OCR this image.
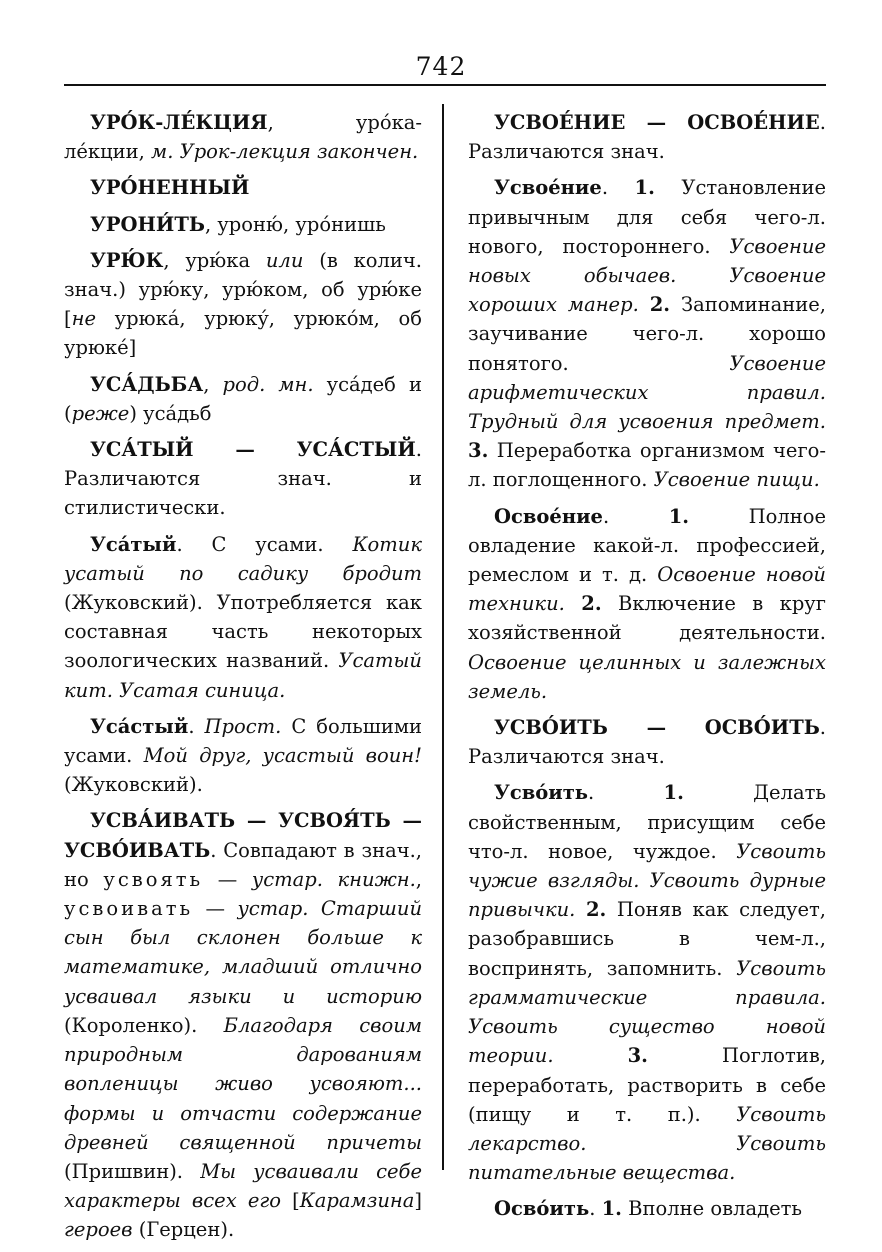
742

УРО́К-ЛЕ́КЦИЯ, уро́ка-ле́кции, м. Урок-лекция закончен.

УРО́НЕННЫЙ

УРОНИ́ТЬ, уроню́, уро́нишь

УРЮ́К, урю́ка или (в колич. знач.) урю́ку, урю́ком, об урю́ке [не урюка́, урюку́, урюко́м, об урюке́]

УСА́ДЬБА, род. мн. уса́деб и (реже) уса́дьб

УСА́ТЫЙ — УСА́СТЫЙ. Различаются знач. и стилистически.

Уса́тый. С усами. Котик усатый по садику бродит (Жуковский). Употребляется как составная часть некоторых зоологических названий. Усатый кит. Усатая синица.

Уса́стый. Прост. С большими усами. Мой друг, усастый воин! (Жуковский).

УСВА́ИВАТЬ — УСВОЯ́ТЬ — УСВО́ИВАТЬ. Совпадают в знач., но усвоять — устар. книжн., усвоивать — устар. Старший сын был склонен больше к математике, младший отлично усваивал языки и историю (Короленко). Благодаря своим природным дарованиям вопленицы живо усвояют... формы и отчасти содержание древней священной причеты (Пришвин). Мы усваивали себе характеры всех его [Карамзина] героев (Герцен).

УСВОЕ́НИЕ — ОСВОЕ́НИЕ. Различаются знач.

Усвое́ние. 1. Установление привычным для себя чего-л. нового, постороннего. Усвоение новых обычаев. Усвоение хороших манер. 2. Запоминание, заучивание чего-л. хорошо понятого. Усвоение арифметических правил. Трудный для усвоения предмет. 3. Переработка организмом чего-л. поглощенного. Усвоение пищи.

Освое́ние. 1. Полное овладение какой-л. профессией, ремеслом и т. д. Освоение новой техники. 2. Включение в круг хозяйственной деятельности. Освоение целинных и залежных земель.

УСВО́ИТЬ — ОСВО́ИТЬ. Различаются знач.

Усво́ить. 1. Делать свойственным, присущим себе что-л. новое, чуждое. Усвоить чужие взгляды. Усвоить дурные привычки. 2. Поняв как следует, разобравшись в чем-л., воспринять, запомнить. Усвоить грамматические правила. Усвоить существо новой теории.	3. Поглотив, переработать, растворить в себе (пищу и т. п.). Усвоить лекарство. Усвоить питательные вещества.

Осво́ить. 1. Вполне овладеть
